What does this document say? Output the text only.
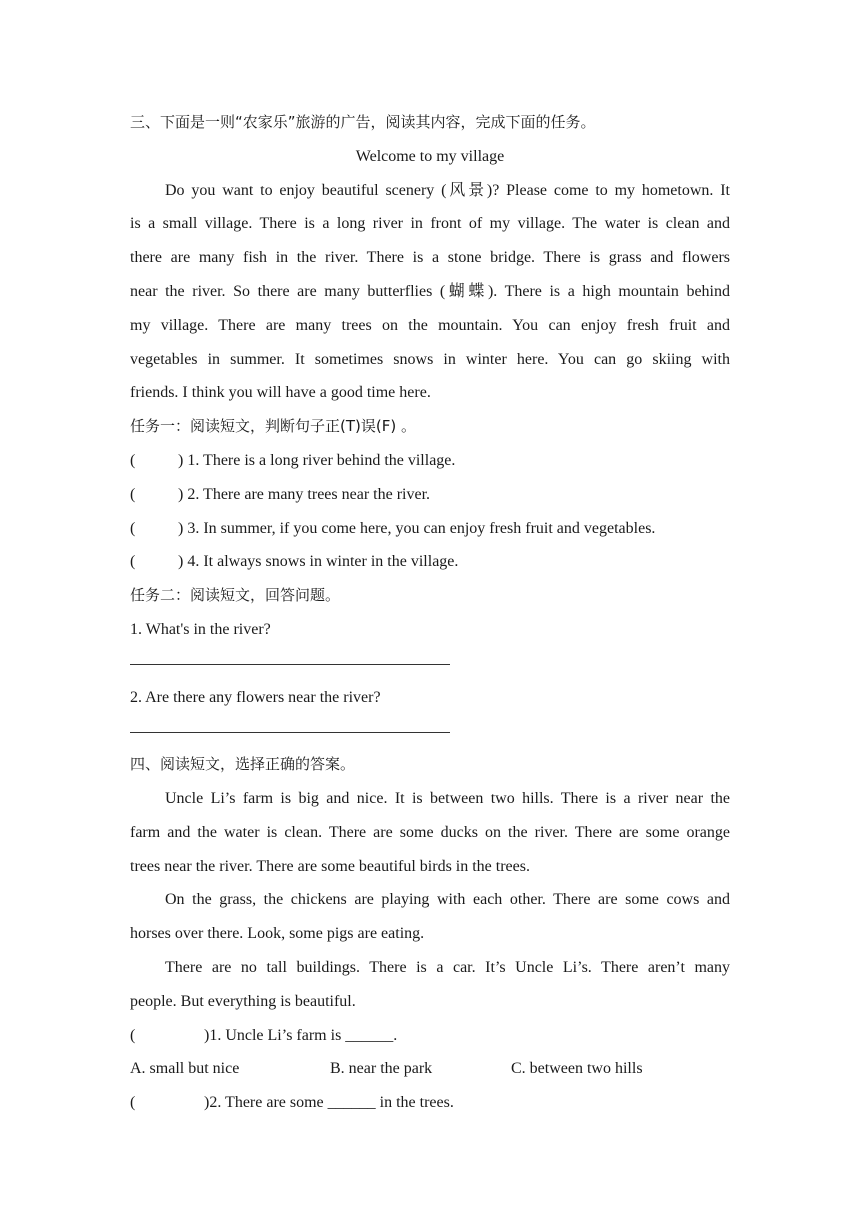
三、下面是一则“农家乐”旅游的广告，阅读其内容，完成下面的任务。
Welcome to my village
Do you want to enjoy beautiful scenery (风景)? Please come to my hometown. It
is a small village. There is a long river in front of my village. The water is clean and
there are many fish in the river. There is a stone bridge. There is grass and flowers
near the river. So there are many butterflies (蝴蝶). There is a high mountain behind
my village. There are many trees on the mountain. You can enjoy fresh fruit and
vegetables in summer. It sometimes snows in winter here. You can go skiing with
friends. I think you will have a good time here.
任务一：阅读短文，判断句子正(T)误(F) 。
(	) 1. There is a long river behind the village.
(	) 2. There are many trees near the river.
(	) 3. In summer, if you come here, you can enjoy fresh fruit and vegetables.
(	) 4. It always snows in winter in the village.
任务二：阅读短文，回答问题。
1. What's in the river?
2. Are there any flowers near the river?
四、阅读短文，选择正确的答案。
Uncle Li’s farm is big and nice. It is between two hills. There is a river near the
farm and the water is clean. There are some ducks on the river. There are some orange
trees near the river. There are some beautiful birds in the trees.
On the grass, the chickens are playing with each other. There are some cows and
horses over there. Look, some pigs are eating.
There are no tall buildings. There is a car. It’s Uncle Li’s. There aren’t many
people. But everything is beautiful.
(	)1. Uncle Li’s farm is ______.
A. small but nice	B. near the park	C. between two hills
(	)2. There are some ______ in the trees.
